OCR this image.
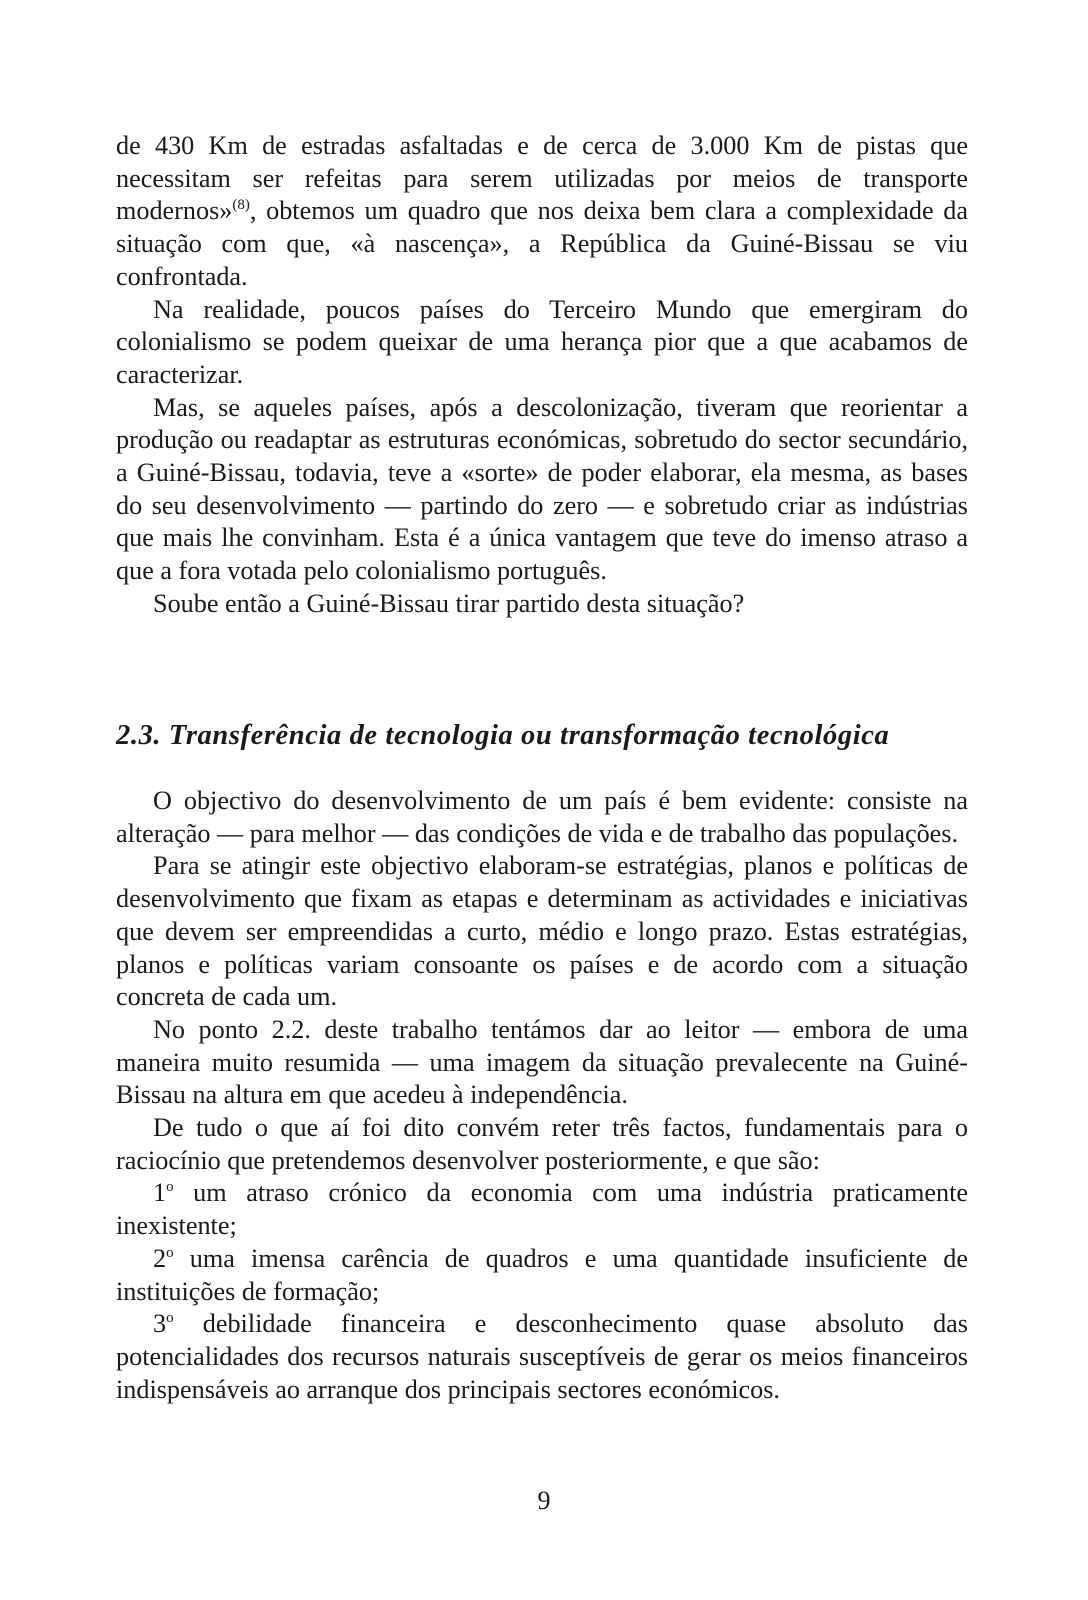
de 430 Km de estradas asfaltadas e de cerca de 3.000 Km de pistas que necessitam ser refeitas para serem utilizadas por meios de transporte modernos»$^{(8)}$, obtemos um quadro que nos deixa bem clara a complexidade da situação com que, «à nascença», a República da Guiné-Bissau se viu confrontada.

Na realidade, poucos países do Terceiro Mundo que emergiram do colonialismo se podem queixar de uma herança pior que a que acabamos de caracterizar.

Mas, se aqueles países, após a descolonização, tiveram que reorientar a produção ou readaptar as estruturas económicas, sobretudo do sector secundário, a Guiné-Bissau, todavia, teve a «sorte» de poder elaborar, ela mesma, as bases do seu desenvolvimento — partindo do zero — e sobretudo criar as indústrias que mais lhe convinham. Esta é a única vantagem que teve do imenso atraso a que a fora votada pelo colonialismo português.

Soube então a Guiné-Bissau tirar partido desta situação?

2.3. Transferência de tecnologia ou transformação tecnológica

O objectivo do desenvolvimento de um país é bem evidente: consiste na alteração — para melhor — das condições de vida e de trabalho das populações.

Para se atingir este objectivo elaboram-se estratégias, planos e políticas de desenvolvimento que fixam as etapas e determinam as actividades e iniciativas que devem ser empreendidas a curto, médio e longo prazo. Estas estratégias, planos e políticas variam consoante os países e de acordo com a situação concreta de cada um.

No ponto 2.2. deste trabalho tentámos dar ao leitor — embora de uma maneira muito resumida — uma imagem da situação prevalecente na Guiné-Bissau na altura em que acedeu à independência.

De tudo o que aí foi dito convém reter três factos, fundamentais para o raciocínio que pretendemos desenvolver posteriormente, e que são:

1$^o$ um atraso crónico da economia com uma indústria praticamente inexistente;

2$^o$ uma imensa carência de quadros e uma quantidade insuficiente de instituições de formação;

3$^o$ debilidade financeira e desconhecimento quase absoluto das potencialidades dos recursos naturais susceptíveis de gerar os meios financeiros indispensáveis ao arranque dos principais sectores económicos.

9
